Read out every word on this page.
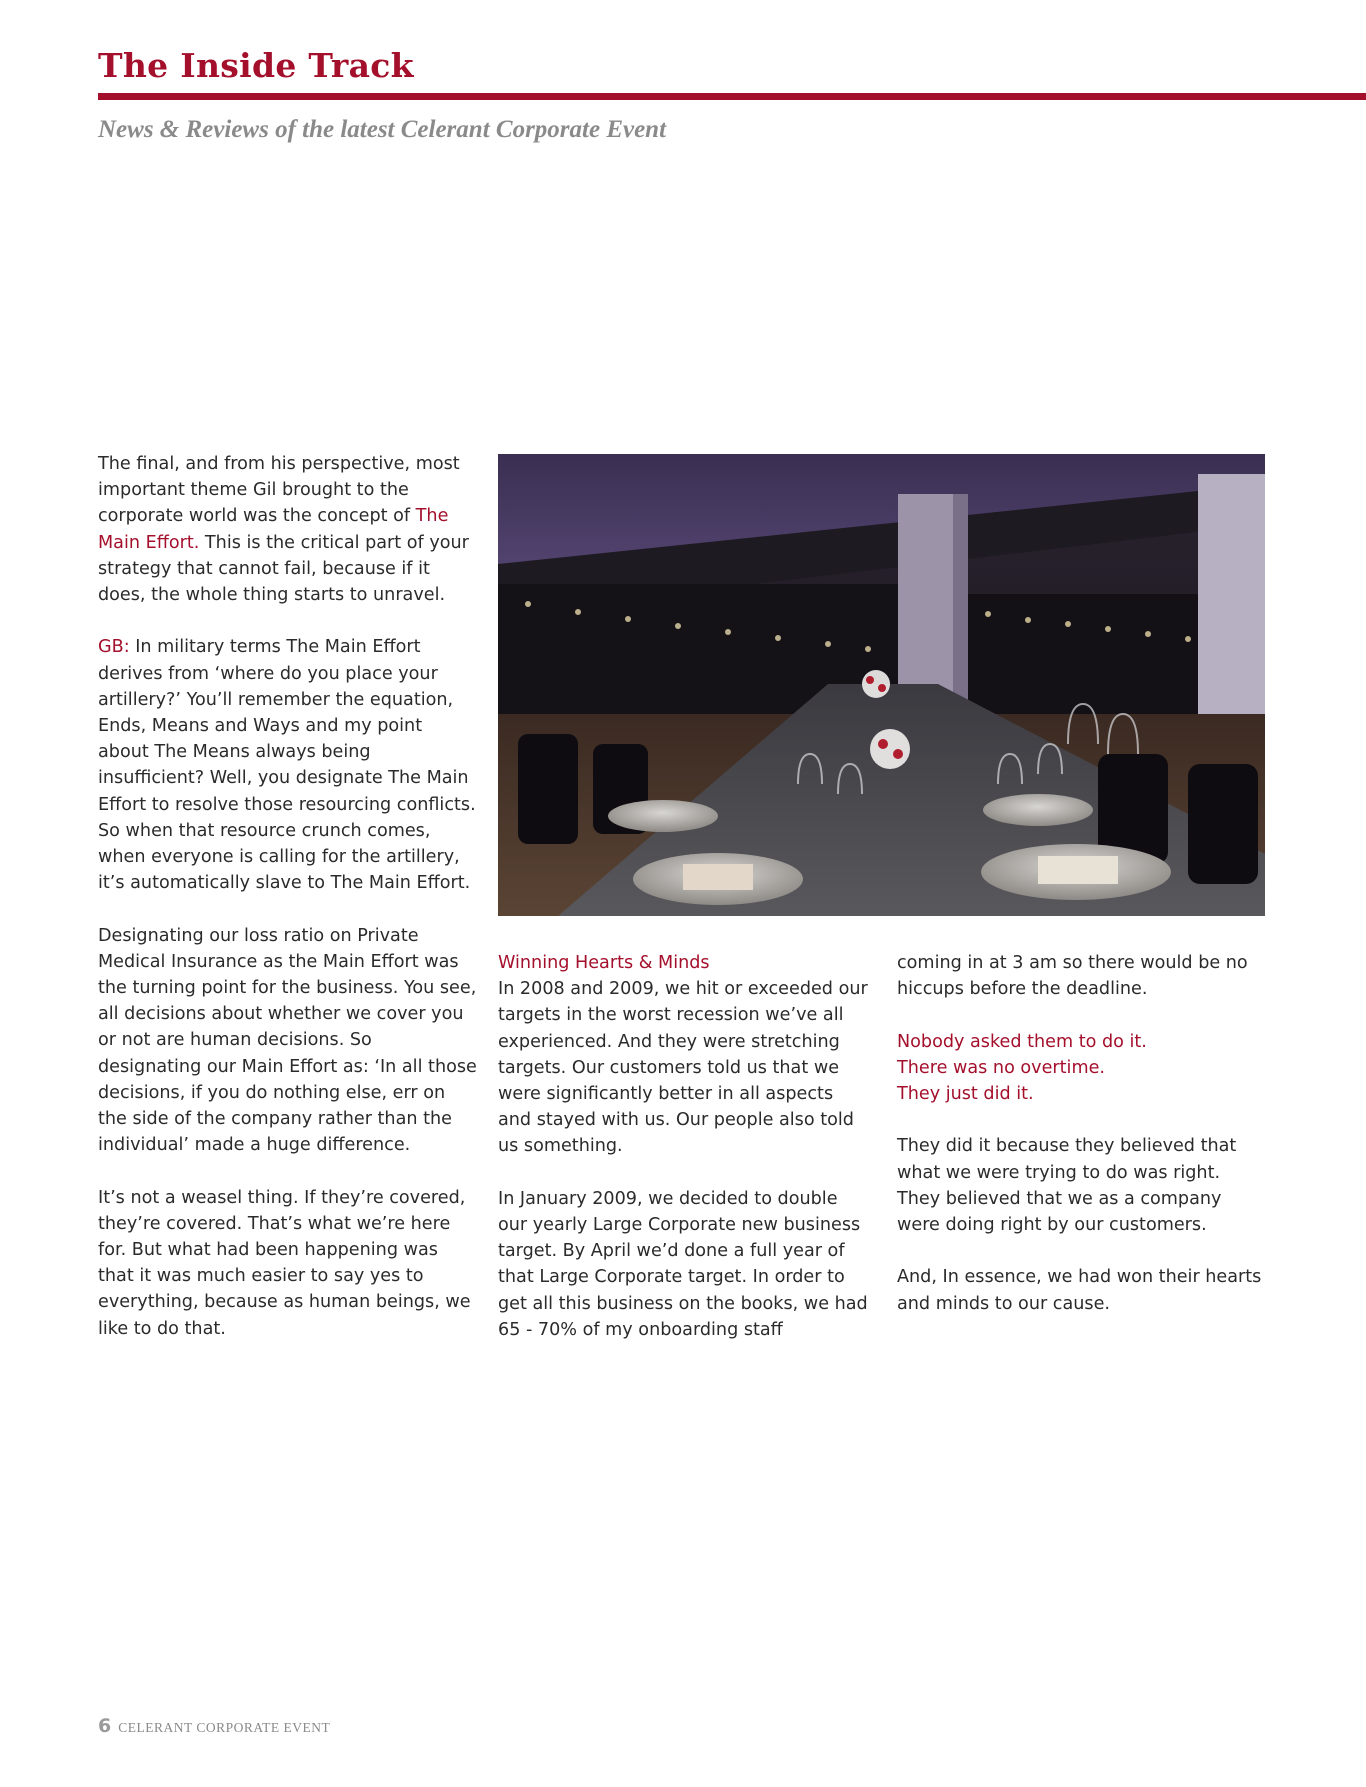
The Inside Track
News & Reviews of the latest Celerant Corporate Event

The final, and from his perspective, most important theme Gil brought to the corporate world was the concept of The Main Effort. This is the critical part of your strategy that cannot fail, because if it does, the whole thing starts to unravel.

GB: In military terms The Main Effort derives from ‘where do you place your artillery?’ You’ll remember the equation, Ends, Means and Ways and my point about The Means always being insufficient? Well, you designate The Main Effort to resolve those resourcing conflicts. So when that resource crunch comes, when everyone is calling for the artillery, it’s automatically slave to The Main Effort.

Designating our loss ratio on Private Medical Insurance as the Main Effort was the turning point for the business. You see, all decisions about whether we cover you or not are human decisions. So designating our Main Effort as: ‘In all those decisions, if you do nothing else, err on the side of the company rather than the individual’ made a huge difference.

It’s not a weasel thing. If they’re covered, they’re covered. That’s what we’re here for. But what had been happening was that it was much easier to say yes to everything, because as human beings, we like to do that.

Winning Hearts & Minds

In 2008 and 2009, we hit or exceeded our targets in the worst recession we’ve all experienced. And they were stretching targets. Our customers told us that we were significantly better in all aspects and stayed with us. Our people also told us something.

In January 2009, we decided to double our yearly Large Corporate new business target. By April we’d done a full year of that Large Corporate target. In order to get all this business on the books, we had 65 - 70% of my onboarding staff

coming in at 3 am so there would be no hiccups before the deadline.

Nobody asked them to do it.
There was no overtime.
They just did it.

They did it because they believed that what we were trying to do was right. They believed that we as a company were doing right by our customers.

And, In essence, we had won their hearts and minds to our cause.

6 CELERANT CORPORATE EVENT
